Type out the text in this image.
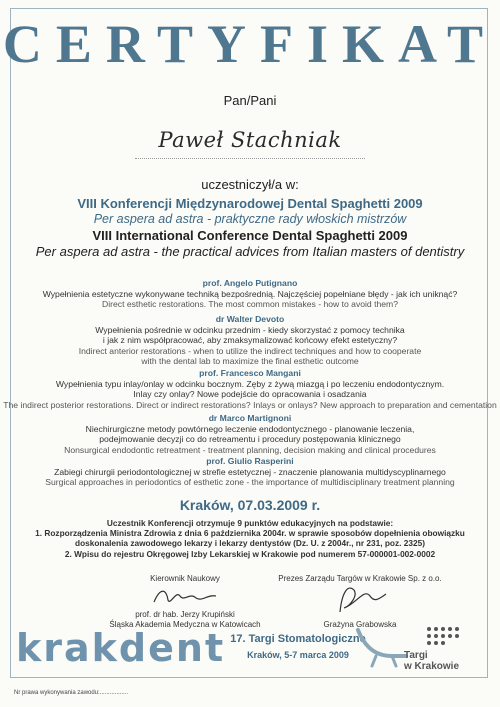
CERTYFIKAT
Pan/Pani
Paweł Stachniak
uczestniczył/a w:
VIII Konferencji Międzynarodowej Dental Spaghetti 2009
Per aspera ad astra - praktyczne rady włoskich mistrzów
VIII International Conference Dental Spaghetti 2009
Per aspera ad astra - the practical advices from Italian masters of dentistry
prof. Angelo Putignano
Wypełnienia estetyczne wykonywane techniką bezpośrednią. Najczęściej popełniane błędy - jak ich uniknąć?
Direct esthetic restorations. The most common mistakes - how to avoid them?
dr Walter Devoto
Wypełnienia pośrednie w odcinku przednim - kiedy skorzystać z pomocy technika
i jak z nim współpracować, aby zmaksymalizować końcowy efekt estetyczny?
Indirect anterior restorations - when to utilize the indirect techniques and how to cooperate
with the dental lab to maximize the final esthetic outcome
prof. Francesco Mangani
Wypełnienia typu inlay/onlay w odcinku bocznym. Zęby z żywą miazgą i po leczeniu endodontycznym.
Inlay czy onlay? Nowe podejście do opracowania i osadzania
The indirect posterior restorations. Direct or indirect restorations? Inlays or onlays? New approach to preparation and cementation
dr Marco Martignoni
Niechirurgiczne metody powtórnego leczenie endodontycznego - planowanie leczenia,
podejmowanie decyzji co do retreamentu i procedury postępowania klinicznego
Nonsurgical endodontic retreatment - treatment planning, decision making and clinical procedures
prof. Giulio Rasperini
Zabiegi chirurgii periodontologicznej w strefie estetycznej - znaczenie planowania multidyscyplinarnego
Surgical approaches in periodontics of esthetic zone - the importance of multidisciplinary treatment planning
Kraków, 07.03.2009 r.
Uczestnik Konferencji otrzymuje 9 punktów edukacyjnych na podstawie:
1. Rozporządzenia Ministra Zdrowia z dnia 6 października 2004r. w sprawie sposobów dopełnienia obowiązku
doskonalenia zawodowego lekarzy i lekarzy dentystów (Dz. U. z 2004r., nr 231, poz. 2325)
2. Wpisu do rejestru Okręgowej Izby Lekarskiej w Krakowie pod numerem 57-000001-002-0002
Kierownik Naukowy
prof. dr hab. Jerzy Krupiński
Śląska Akademia Medyczna w Katowicach
Prezes Zarządu Targów w Krakowie Sp. z o.o.
Grażyna Grabowska
krakdent 17. Targi Stomatologiczne
Kraków, 5-7 marca 2009	Targi
w Krakowie
Nr prawa wykonywania zawodu:.................
